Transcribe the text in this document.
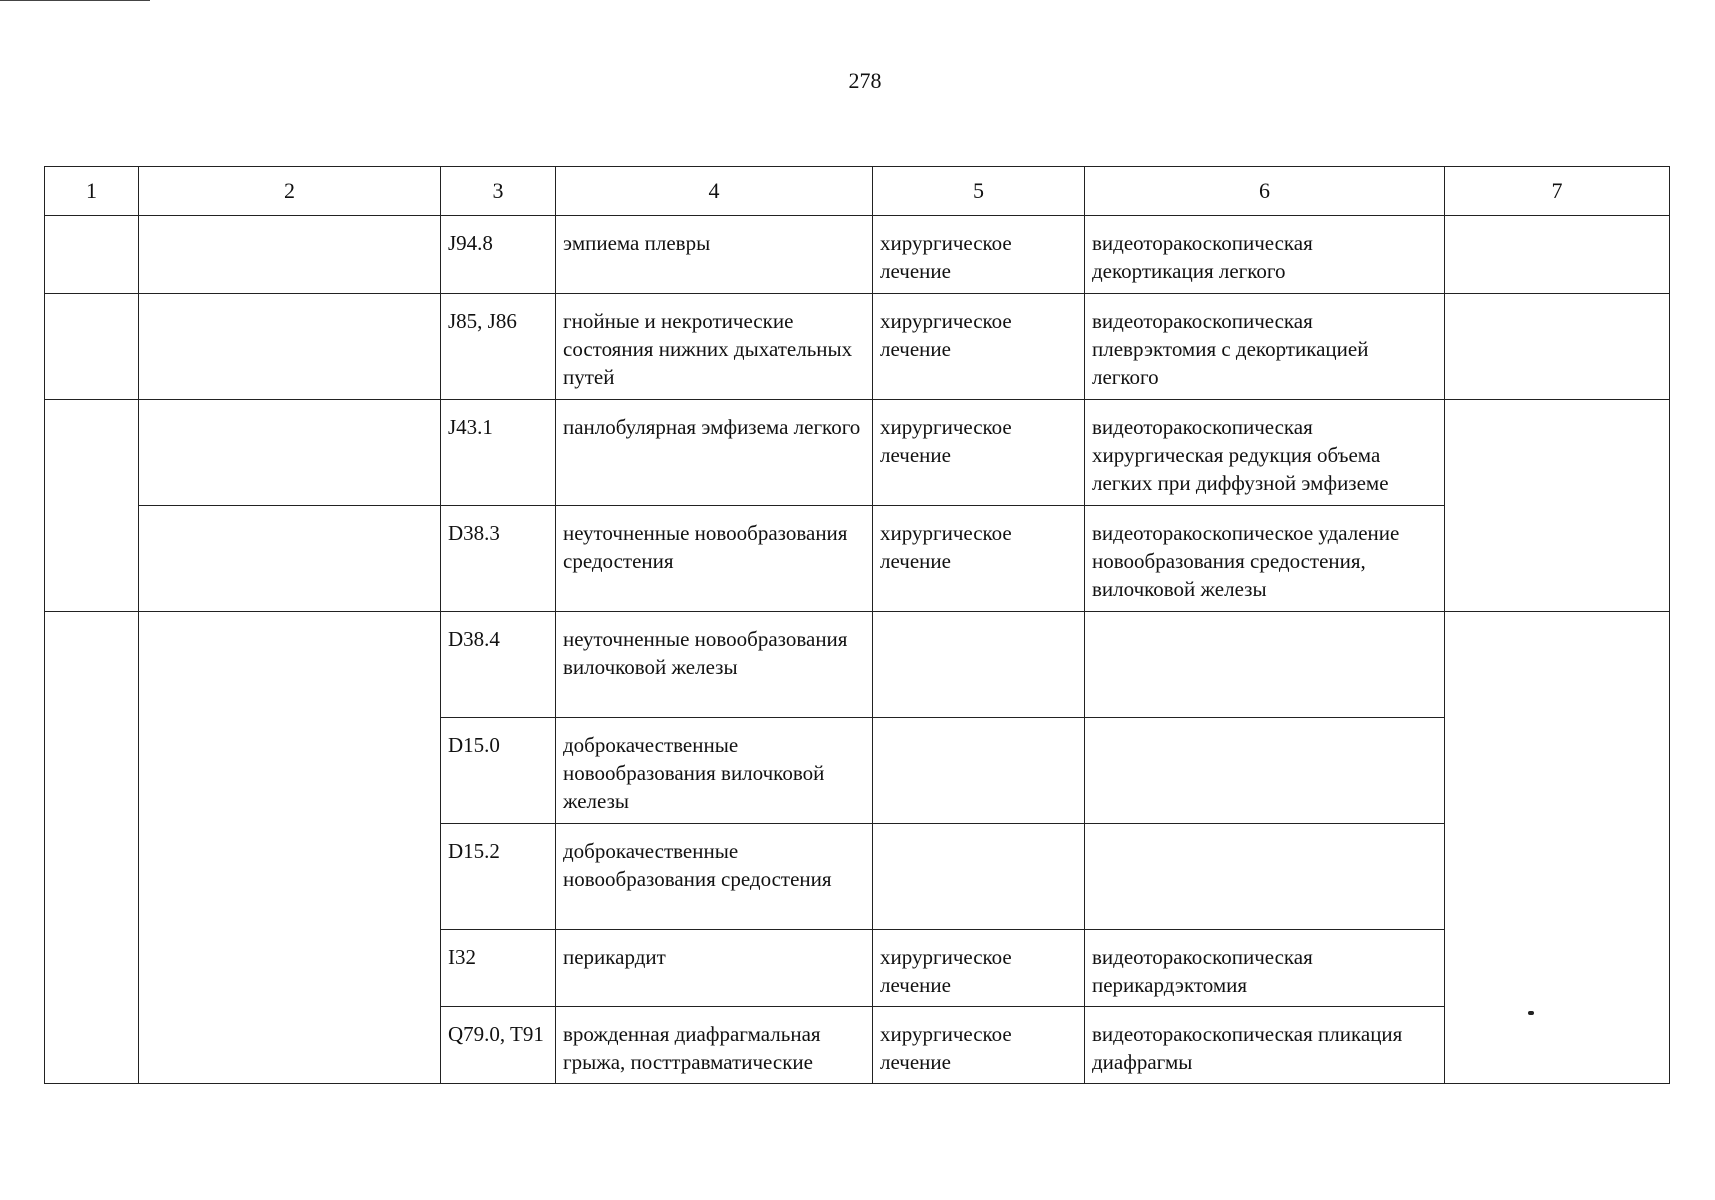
278
1	2	3	4	5	6	7
		J94.8	эмпиема плевры	хирургическое лечение	видеоторакоскопическая декортикация легкого	
		J85, J86	гнойные и некротические состояния нижних дыхательных путей	хирургическое лечение	видеоторакоскопическая плеврэктомия с декортикацией легкого	
		J43.1	панлобулярная эмфизема легкого	хирургическое лечение	видеоторакоскопическая хирургическая редукция объема легких при диффузной эмфиземе	
		D38.3	неуточненные новообразования средостения	хирургическое лечение	видеоторакоскопическое удаление новообразования средостения, вилочковой железы	
		D38.4	неуточненные новообразования вилочковой железы			
		D15.0	доброкачественные новообразования вилочковой железы			
		D15.2	доброкачественные новообразования средостения			
		I32	перикардит	хирургическое лечение	видеоторакоскопическая перикардэктомия	
		Q79.0, T91	врожденная диафрагмальная грыжа, посттравматические	хирургическое лечение	видеоторакоскопическая пликация диафрагмы	
